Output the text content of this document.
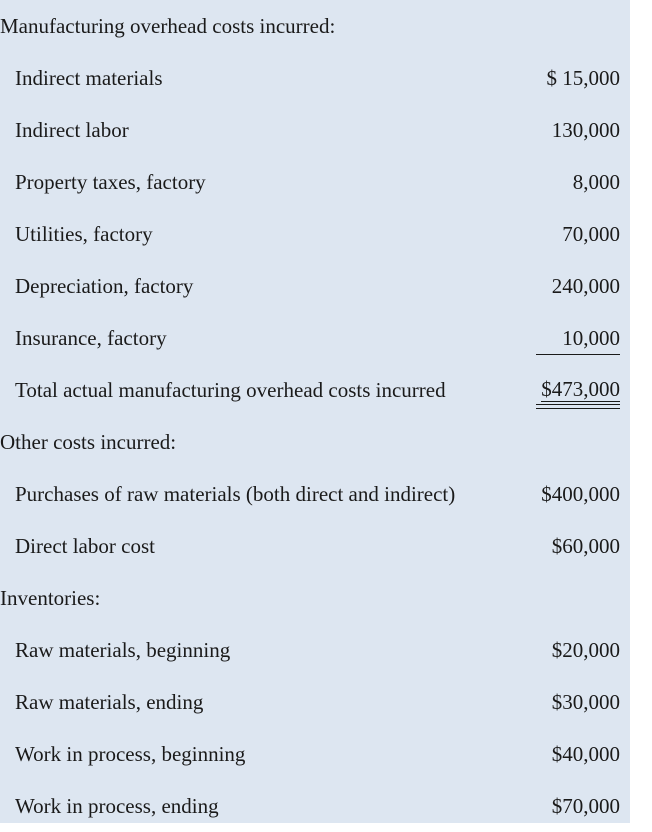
Manufacturing overhead costs incurred:
Indirect materials	$ 15,000
Indirect labor	130,000
Property taxes, factory	8,000
Utilities, factory	70,000
Depreciation, factory	240,000
Insurance, factory	10,000
Total actual manufacturing overhead costs incurred	$473,000
Other costs incurred:
Purchases of raw materials (both direct and indirect)	$400,000
Direct labor cost	$60,000
Inventories:
Raw materials, beginning	$20,000
Raw materials, ending	$30,000
Work in process, beginning	$40,000
Work in process, ending	$70,000
